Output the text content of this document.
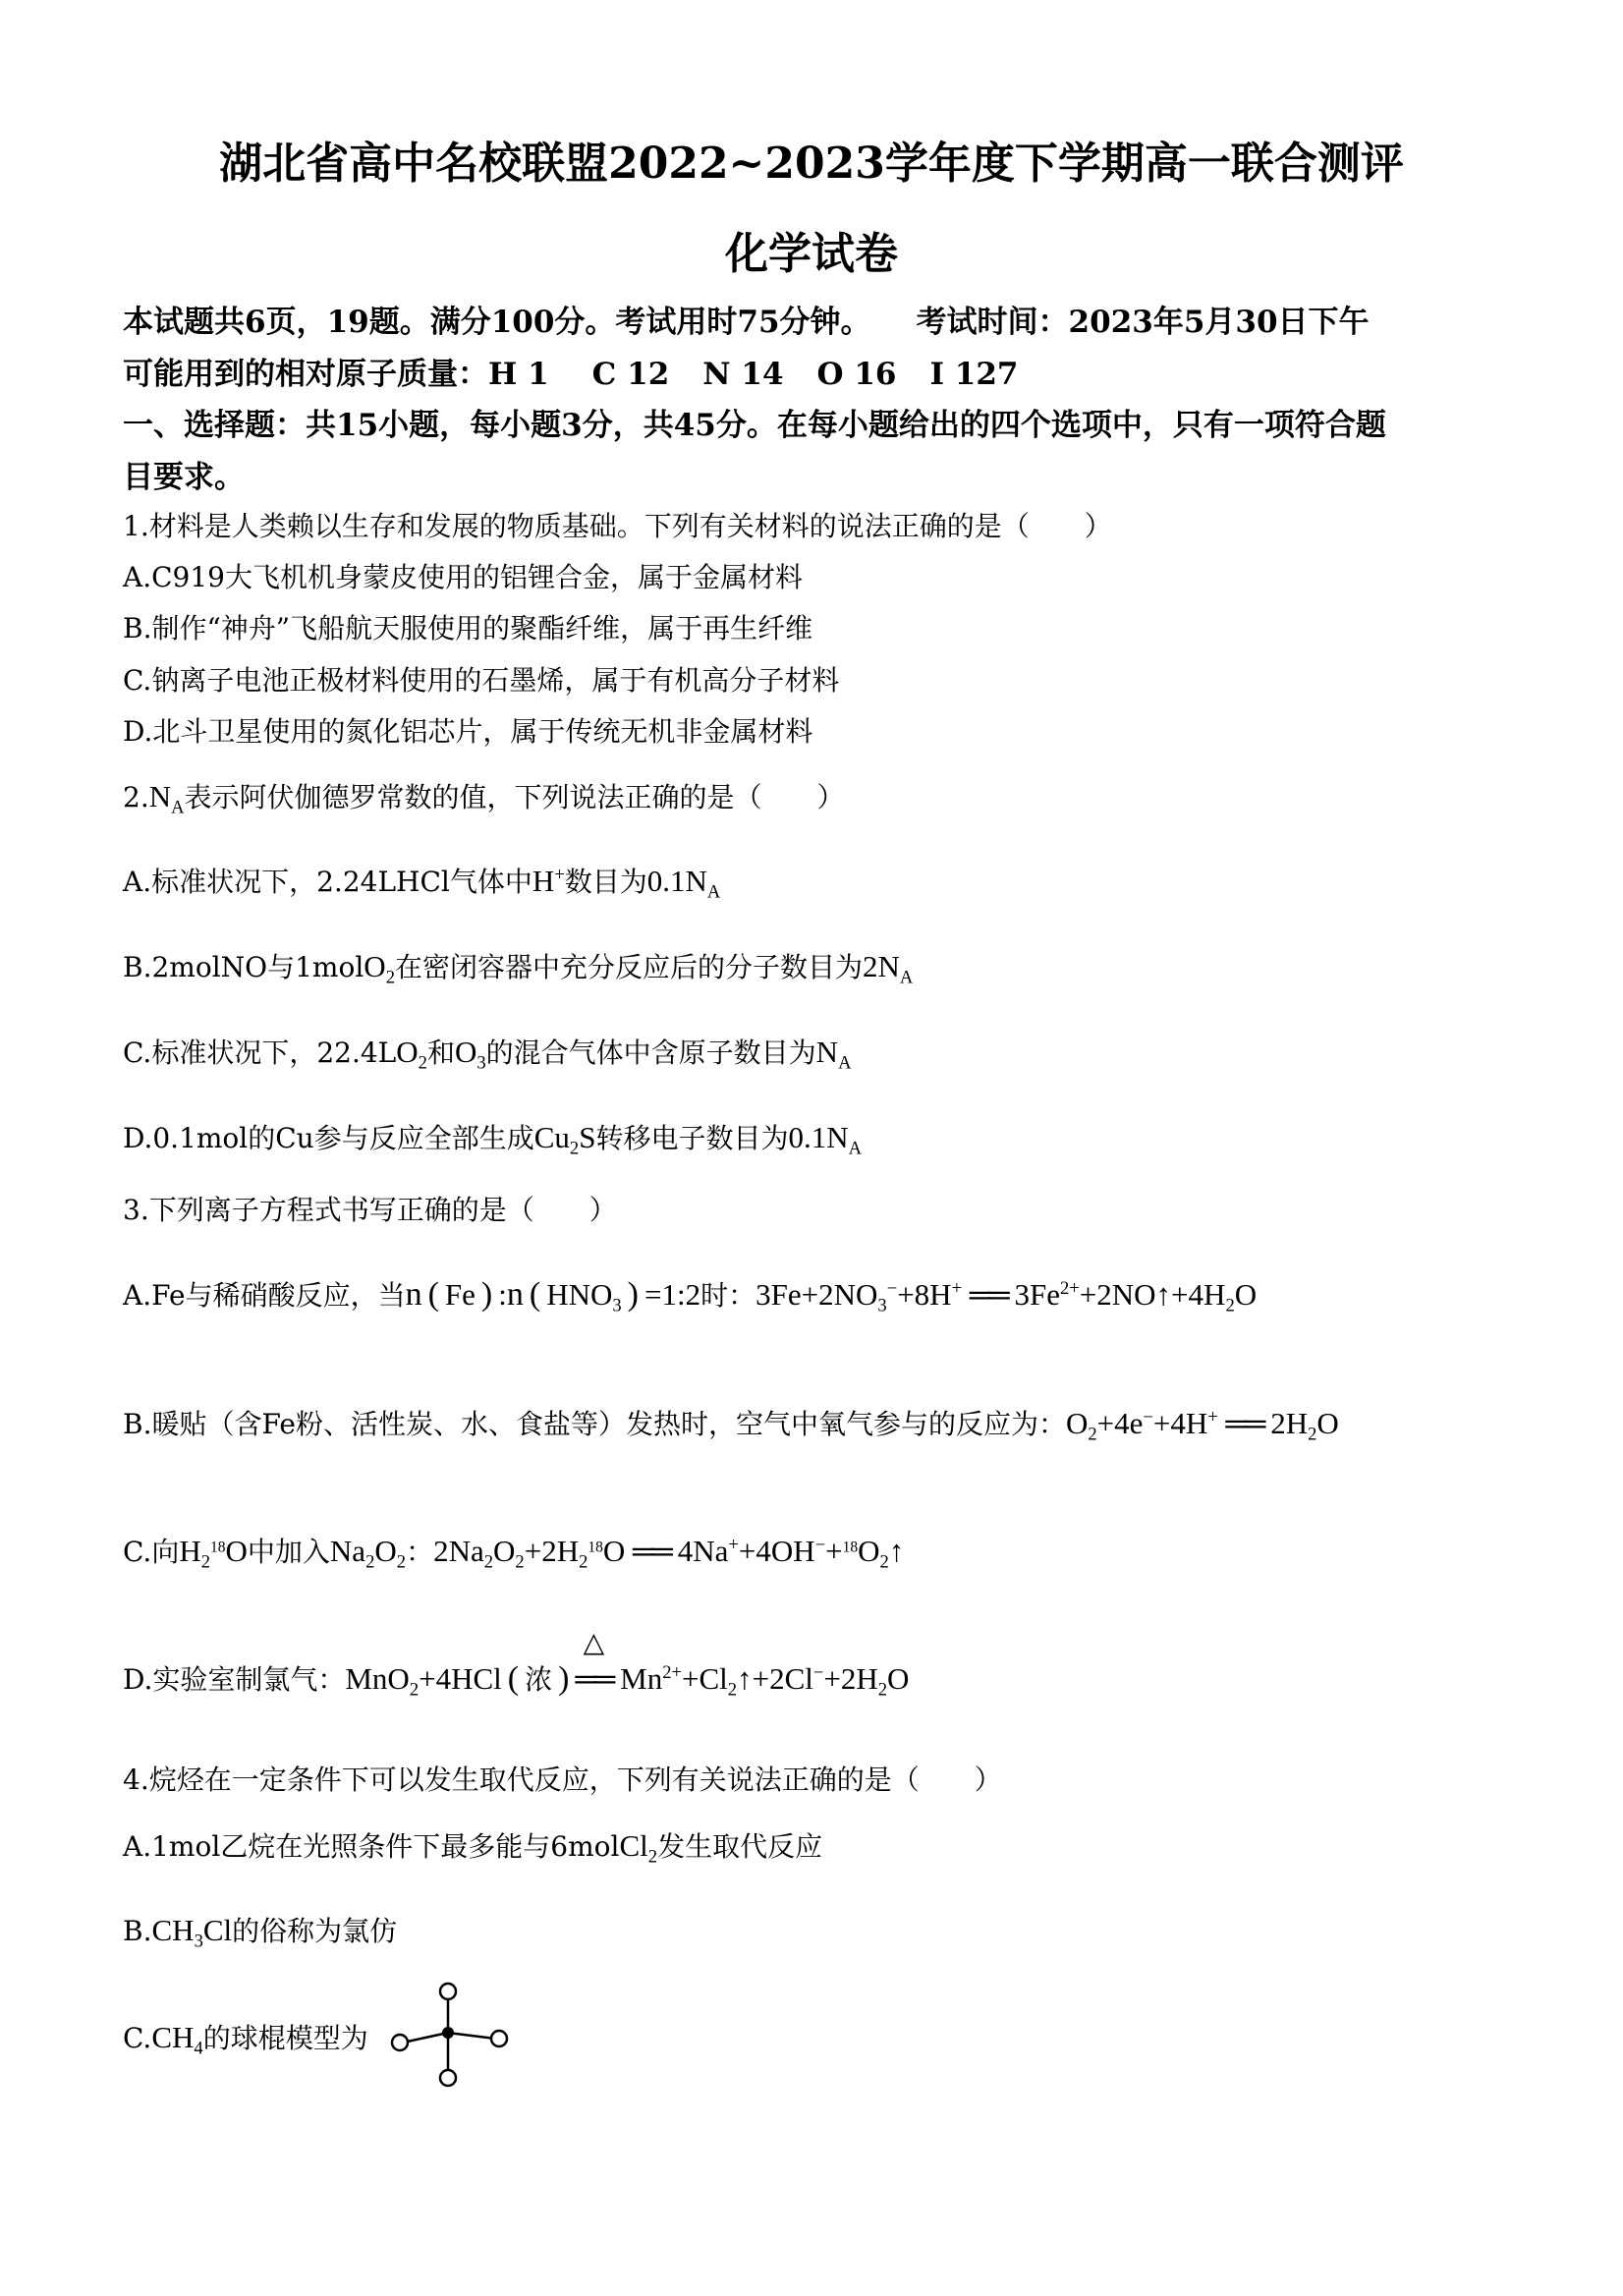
湖北省高中名校联盟2022~2023学年度下学期高一联合测评
化学试卷
本试题共6页，19题。满分100分。考试用时75分钟。 考试时间：2023年5月30日下午
可能用到的相对原子质量：H 1 C 12 N 14 O 16 I 127
一、选择题：共15小题，每小题3分，共45分。在每小题给出的四个选项中，只有一项符合题
目要求。
1.材料是人类赖以生存和发展的物质基础。下列有关材料的说法正确的是（　　）
A.C919大飞机机身蒙皮使用的铝锂合金，属于金属材料
B.制作“神舟”飞船航天服使用的聚酯纤维，属于再生纤维
C.钠离子电池正极材料使用的石墨烯，属于有机高分子材料
D.北斗卫星使用的氮化铝芯片，属于传统无机非金属材料
$2.N_A$表示阿伏伽德罗常数的值，下列说法正确的是（　　）
A.标准状况下，2.24LHCl气体中H+数目为$0.1N_A$
B.2molNO与1molO$_2$在密闭容器中充分反应后的分子数目为$2N_A$
C.标准状况下，$22.4LO_2$和$O_3$的混合气体中含原子数目为$N_A$
D.0.1mol的Cu参与反应全部生成$Cu_2S$转移电子数目为$0.1N_A$
3.下列离子方程式书写正确的是（　　）
A.Fe与稀硝酸反应，当n ( Fe ) :n ( $HNO_3$ ) =1:2时：$3Fe+2NO_3^-+8H^+$ ══ $3Fe^{2+}+2NO↑+4H_2O$
B.暖贴（含Fe粉、活性炭、水、食盐等）发热时，空气中氧气参与的反应为：$O_2+4e^-+4H^+$ ══ $2H_2O$
C.向$H_2^{18}O$中加入$Na_2O_2$：$2Na_2O_2+2H_2^{18}O$ ══ $4Na^++4OH^-+^{18}O_2↑$
D.实验室制氯气：MnO$_2$+4HCl ( 浓 ) ══
△
$Mn^{2+}+Cl_2↑+2Cl^-+2H_2O$
4.烷烃在一定条件下可以发生取代反应，下列有关说法正确的是（　　）
A.1mol乙烷在光照条件下最多能与6molCl$_2$发生取代反应
$B.CH_3Cl$的俗称为氯仿
$C.CH_4$的球棍模型为
